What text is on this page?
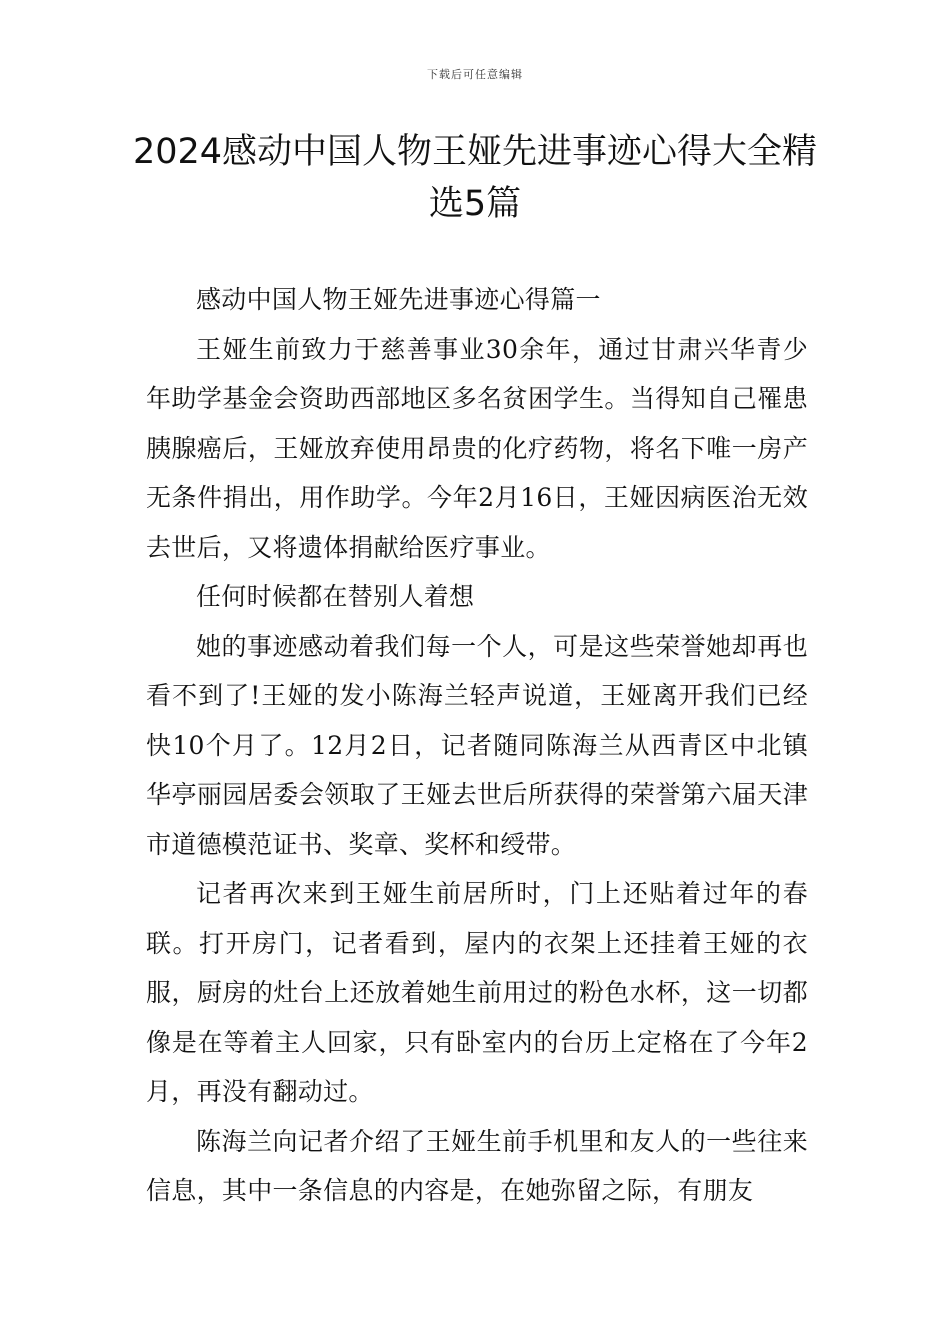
下载后可任意编辑
2024感动中国人物王娅先进事迹心得大全精选5篇

感动中国人物王娅先进事迹心得篇一

王娅生前致力于慈善事业30余年，通过甘肃兴华青少年助学基金会资助西部地区多名贫困学生。当得知自己罹患胰腺癌后，王娅放弃使用昂贵的化疗药物，将名下唯一房产无条件捐出，用作助学。今年2月16日，王娅因病医治无效去世后，又将遗体捐献给医疗事业。

任何时候都在替别人着想

她的事迹感动着我们每一个人，可是这些荣誉她却再也看不到了!王娅的发小陈海兰轻声说道，王娅离开我们已经快10个月了。12月2日，记者随同陈海兰从西青区中北镇华亭丽园居委会领取了王娅去世后所获得的荣誉第六届天津市道德模范证书、奖章、奖杯和绶带。

记者再次来到王娅生前居所时，门上还贴着过年的春联。打开房门，记者看到，屋内的衣架上还挂着王娅的衣服，厨房的灶台上还放着她生前用过的粉色水杯，这一切都像是在等着主人回家，只有卧室内的台历上定格在了今年2月，再没有翻动过。

陈海兰向记者介绍了王娅生前手机里和友人的一些往来信息，其中一条信息的内容是，在她弥留之际，有朋友
